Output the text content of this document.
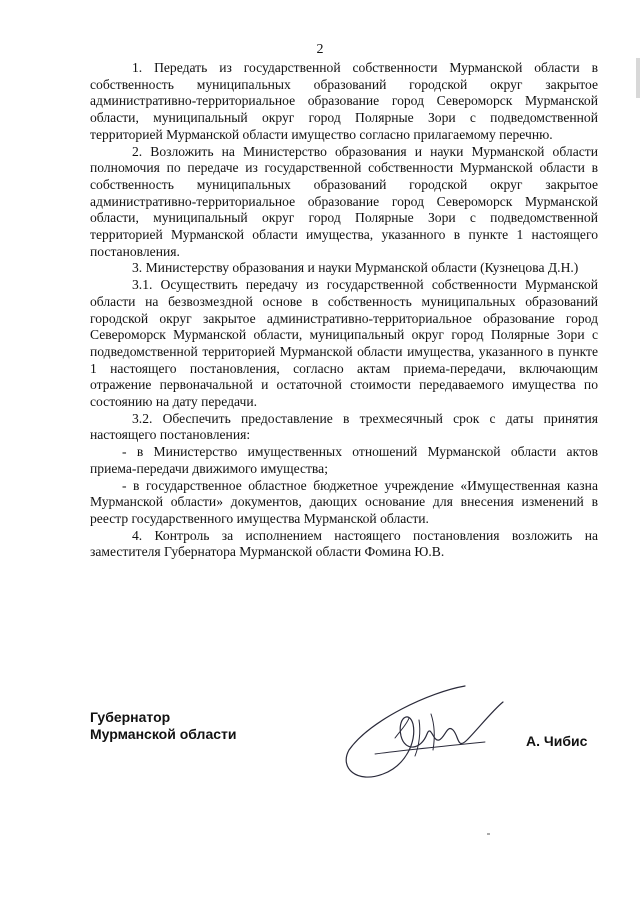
2

1. Передать из государственной собственности Мурманской области в собственность муниципальных образований городской округ закрытое административно-территориальное образование город Североморск Мурманской области, муниципальный округ город Полярные Зори с подведомственной территорией Мурманской области имущество согласно прилагаемому перечню.

2. Возложить на Министерство образования и науки Мурманской области полномочия по передаче из государственной собственности Мурманской области в собственность муниципальных образований городской округ закрытое административно-территориальное образование город Североморск Мурманской области, муниципальный округ город Полярные Зори с подведомственной территорией Мурманской области имущества, указанного в пункте 1 настоящего постановления.

3. Министерству образования и науки Мурманской области (Кузнецова Д.Н.)

3.1. Осуществить передачу из государственной собственности Мурманской области на безвозмездной основе в собственность муниципальных образований городской округ закрытое административно-территориальное образование город Североморск Мурманской области, муниципальный округ город Полярные Зори с подведомственной территорией Мурманской области имущества, указанного в пункте 1 настоящего постановления, согласно актам приема-передачи, включающим отражение первоначальной и остаточной стоимости передаваемого имущества по состоянию на дату передачи.

3.2. Обеспечить предоставление в трехмесячный срок с даты принятия настоящего постановления:

- в Министерство имущественных отношений Мурманской области актов приема-передачи движимого имущества;

- в государственное областное бюджетное учреждение «Имущественная казна Мурманской области» документов, дающих основание для внесения изменений в реестр государственного имущества Мурманской области.

4. Контроль за исполнением настоящего постановления возложить на заместителя Губернатора Мурманской области Фомина Ю.В.

Губернатор
Мурманской области	А. Чибис
